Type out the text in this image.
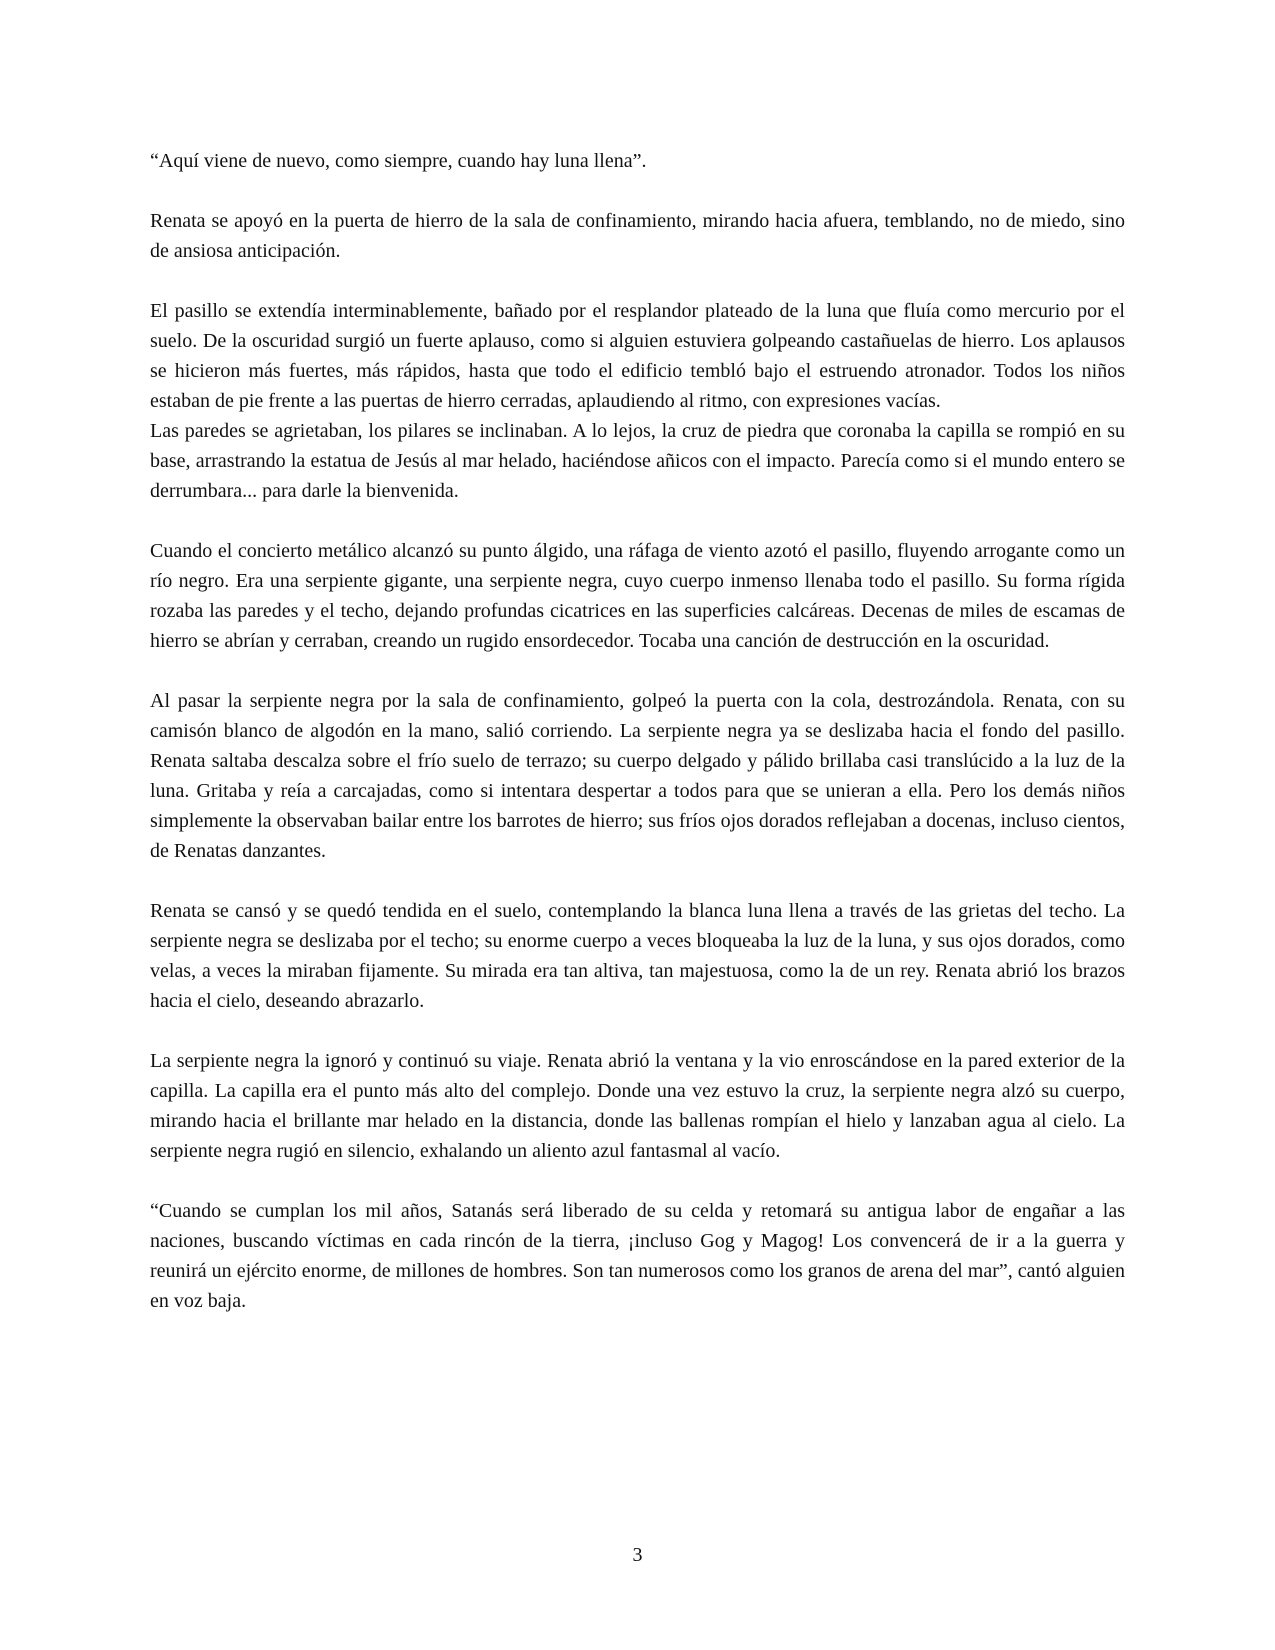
“Aquí viene de nuevo, como siempre, cuando hay luna llena”.

Renata se apoyó en la puerta de hierro de la sala de confinamiento, mirando hacia afuera, temblando, no de miedo, sino de ansiosa anticipación.

El pasillo se extendía interminablemente, bañado por el resplandor plateado de la luna que fluía como mercurio por el suelo. De la oscuridad surgió un fuerte aplauso, como si alguien estuviera golpeando castañuelas de hierro. Los aplausos se hicieron más fuertes, más rápidos, hasta que todo el edificio tembló bajo el estruendo atronador. Todos los niños estaban de pie frente a las puertas de hierro cerradas, aplaudiendo al ritmo, con expresiones vacías.

Las paredes se agrietaban, los pilares se inclinaban. A lo lejos, la cruz de piedra que coronaba la capilla se rompió en su base, arrastrando la estatua de Jesús al mar helado, haciéndose añicos con el impacto. Parecía como si el mundo entero se derrumbara... para darle la bienvenida.

Cuando el concierto metálico alcanzó su punto álgido, una ráfaga de viento azotó el pasillo, fluyendo arrogante como un río negro. Era una serpiente gigante, una serpiente negra, cuyo cuerpo inmenso llenaba todo el pasillo. Su forma rígida rozaba las paredes y el techo, dejando profundas cicatrices en las superficies calcáreas. Decenas de miles de escamas de hierro se abrían y cerraban, creando un rugido ensordecedor. Tocaba una canción de destrucción en la oscuridad.

Al pasar la serpiente negra por la sala de confinamiento, golpeó la puerta con la cola, destrozándola. Renata, con su camisón blanco de algodón en la mano, salió corriendo. La serpiente negra ya se deslizaba hacia el fondo del pasillo. Renata saltaba descalza sobre el frío suelo de terrazo; su cuerpo delgado y pálido brillaba casi translúcido a la luz de la luna. Gritaba y reía a carcajadas, como si intentara despertar a todos para que se unieran a ella. Pero los demás niños simplemente la observaban bailar entre los barrotes de hierro; sus fríos ojos dorados reflejaban a docenas, incluso cientos, de Renatas danzantes.

Renata se cansó y se quedó tendida en el suelo, contemplando la blanca luna llena a través de las grietas del techo. La serpiente negra se deslizaba por el techo; su enorme cuerpo a veces bloqueaba la luz de la luna, y sus ojos dorados, como velas, a veces la miraban fijamente. Su mirada era tan altiva, tan majestuosa, como la de un rey. Renata abrió los brazos hacia el cielo, deseando abrazarlo.

La serpiente negra la ignoró y continuó su viaje. Renata abrió la ventana y la vio enroscándose en la pared exterior de la capilla. La capilla era el punto más alto del complejo. Donde una vez estuvo la cruz, la serpiente negra alzó su cuerpo, mirando hacia el brillante mar helado en la distancia, donde las ballenas rompían el hielo y lanzaban agua al cielo. La serpiente negra rugió en silencio, exhalando un aliento azul fantasmal al vacío.

“Cuando se cumplan los mil años, Satanás será liberado de su celda y retomará su antigua labor de engañar a las naciones, buscando víctimas en cada rincón de la tierra, ¡incluso Gog y Magog! Los convencerá de ir a la guerra y reunirá un ejército enorme, de millones de hombres. Son tan numerosos como los granos de arena del mar”, cantó alguien en voz baja.

3
